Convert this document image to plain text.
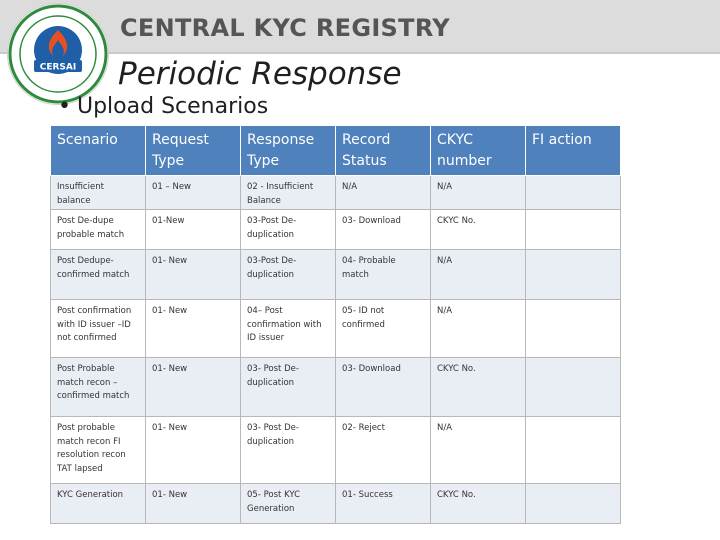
CERSAI
CENTRAL KYC REGISTRY
Periodic Response
• Upload Scenarios
Scenario	Request Type	Response Type	Record Status	CKYC number	FI action
Insufficient balance	01 – New	02 - Insufficient Balance	N/A	N/A	
Post De-dupe probable match	01-New	03-Post De-duplication	03- Download	CKYC No.	
Post Dedupe-confirmed match	01- New	03-Post De-duplication	04- Probable match	N/A	
Post confirmation with ID issuer –ID not confirmed	01- New	04– Post confirmation with ID issuer	05- ID not confirmed	N/A	
Post Probable match recon – confirmed match	01- New	03- Post De-duplication	03- Download	CKYC No.	
Post probable match recon FI resolution recon TAT lapsed	01- New	03- Post De-duplication	02- Reject	N/A	
KYC Generation	01- New	05- Post KYC Generation	01- Success	CKYC No.	
